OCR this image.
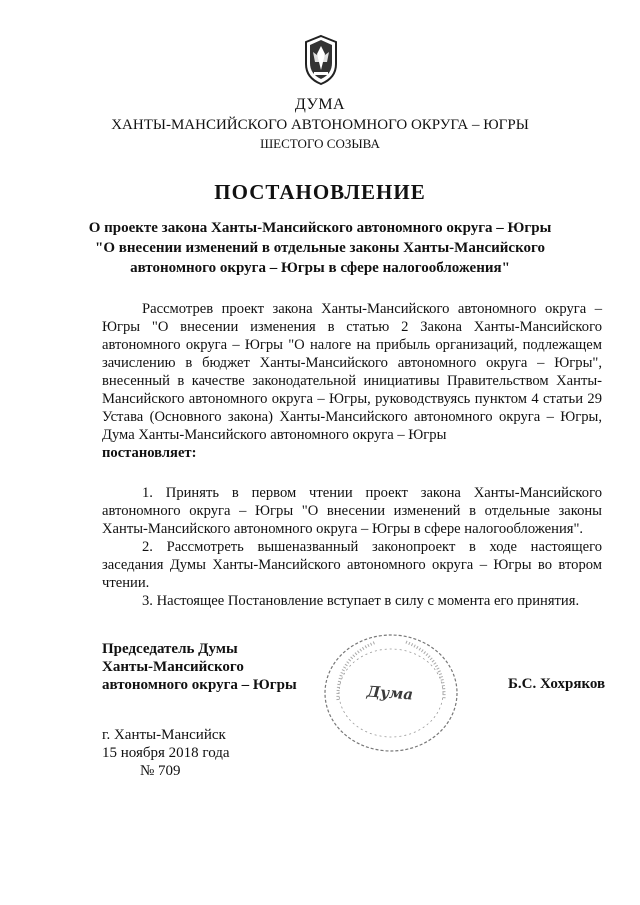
ДУМА
ХАНТЫ-МАНСИЙСКОГО АВТОНОМНОГО ОКРУГА – ЮГРЫ
ШЕСТОГО СОЗЫВА
ПОСТАНОВЛЕНИЕ
О проекте закона Ханты-Мансийского автономного округа – Югры
"О внесении изменений в отдельные законы Ханты-Мансийского
автономного округа – Югры в сфере налогообложения"
Рассмотрев проект закона Ханты-Мансийского автономного округа – Югры "О внесении изменения в статью 2 Закона Ханты-Мансийского автономного округа – Югры "О налоге на прибыль организаций, подлежащем зачислению в бюджет Ханты-Мансийского автономного округа – Югры", внесенный в качестве законодательной инициативы Правительством Ханты-Мансийского автономного округа – Югры, руководствуясь пунктом 4 статьи 29 Устава (Основного закона) Ханты-Мансийского автономного округа – Югры, Дума Ханты-Мансийского автономного округа – Югры
постановляет:

1. Принять в первом чтении проект закона Ханты-Мансийского автономного округа – Югры "О внесении изменений в отдельные законы Ханты-Мансийского автономного округа – Югры в сфере налогообложения".

2. Рассмотреть вышеназванный законопроект в ходе настоящего заседания Думы Ханты-Мансийского автономного округа – Югры во втором чтении.

3. Настоящее Постановление вступает в силу с момента его принятия.

Председатель Думы
Ханты-Мансийского
автономного округа – Югры	Дума	Б.С. Хохряков
г. Ханты-Мансийск
15 ноября 2018 года
№ 709
